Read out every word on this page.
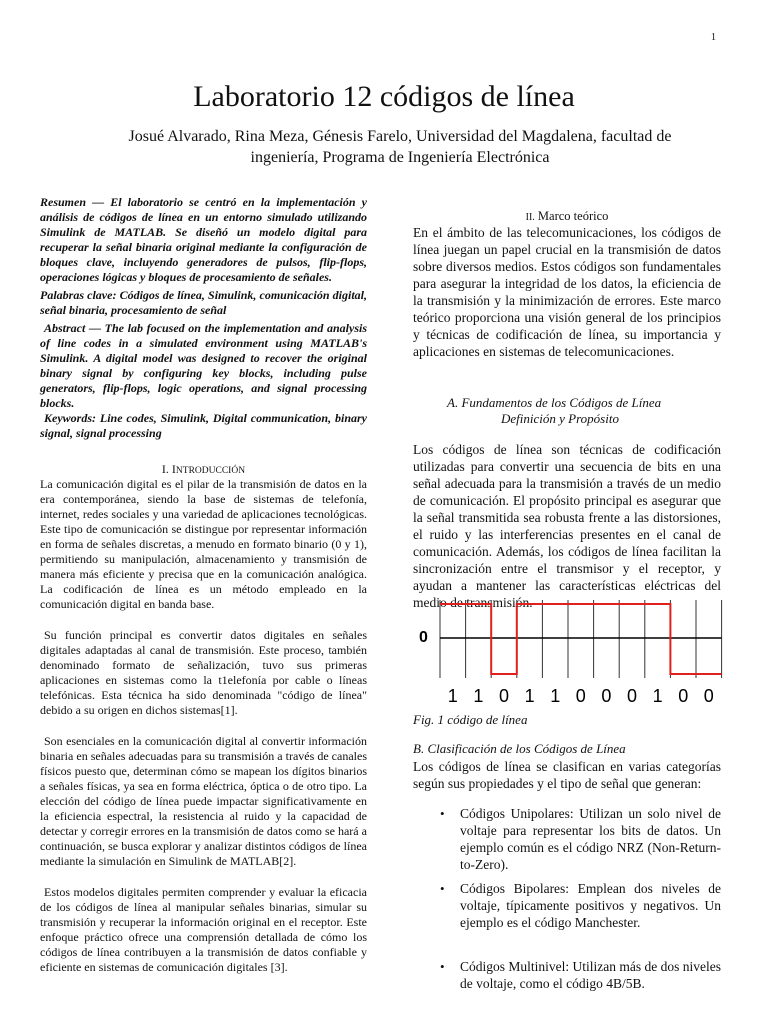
1
Laboratorio 12 códigos de línea
Josué Alvarado, Rina Meza, Génesis Farelo, Universidad del Magdalena, facultad de ingeniería, Programa de Ingeniería Electrónica

Resumen — El laboratorio se centró en la implementación y análisis de códigos de línea en un entorno simulado utilizando Simulink de MATLAB. Se diseñó un modelo digital para recuperar la señal binaria original mediante la configuración de bloques clave, incluyendo generadores de pulsos, flip-flops, operaciones lógicas y bloques de procesamiento de señales.

Palabras clave: Códigos de línea, Simulink, comunicación digital, señal binaria, procesamiento de señal

Abstract — The lab focused on the implementation and analysis of line codes in a simulated environment using MATLAB's Simulink. A digital model was designed to recover the original binary signal by configuring key blocks, including pulse generators, flip-flops, logic operations, and signal processing blocks.

Keywords: Line codes, Simulink, Digital communication, binary signal, signal processing

I. INTRODUCCIÓN

La comunicación digital es el pilar de la transmisión de datos en la era contemporánea, siendo la base de sistemas de telefonía, internet, redes sociales y una variedad de aplicaciones tecnológicas. Este tipo de comunicación se distingue por representar información en forma de señales discretas, a menudo en formato binario (0 y 1), permitiendo su manipulación, almacenamiento y transmisión de manera más eficiente y precisa que en la comunicación analógica. La codificación de línea es un método empleado en la comunicación digital en banda base.

Su función principal es convertir datos digitales en señales digitales adaptadas al canal de transmisión. Este proceso, también denominado formato de señalización, tuvo sus primeras aplicaciones en sistemas como la t1elefonía por cable o líneas telefónicas. Esta técnica ha sido denominada "código de línea" debido a su origen en dichos sistemas[1].

Son esenciales en la comunicación digital al convertir información binaria en señales adecuadas para su transmisión a través de canales físicos puesto que, determinan cómo se mapean los dígitos binarios a señales físicas, ya sea en forma eléctrica, óptica o de otro tipo. La elección del código de línea puede impactar significativamente en la eficiencia espectral, la resistencia al ruido y la capacidad de detectar y corregir errores en la transmisión de datos como se hará a continuación, se busca explorar y analizar distintos códigos de línea mediante la simulación en Simulink de MATLAB[2].

Estos modelos digitales permiten comprender y evaluar la eficacia de los códigos de línea al manipular señales binarias, simular su transmisión y recuperar la información original en el receptor. Este enfoque práctico ofrece una comprensión detallada de cómo los códigos de línea contribuyen a la transmisión de datos confiable y eficiente en sistemas de comunicación digitales [3].

II. Marco teórico
En el ámbito de las telecomunicaciones, los códigos de línea juegan un papel crucial en la transmisión de datos sobre diversos medios. Estos códigos son fundamentales para asegurar la integridad de los datos, la eficiencia de la transmisión y la minimización de errores. Este marco teórico proporciona una visión general de los principios y técnicas de codificación de línea, su importancia y aplicaciones en sistemas de telecomunicaciones.
A. Fundamentos de los Códigos de Línea
Definición y Propósito
Los códigos de línea son técnicas de codificación utilizadas para convertir una secuencia de bits en una señal adecuada para la transmisión a través de un medio de comunicación. El propósito principal es asegurar que la señal transmitida sea robusta frente a las distorsiones, el ruido y las interferencias presentes en el canal de comunicación. Además, los códigos de línea facilitan la sincronización entre el transmisor y el receptor, y ayudan a mantener las características eléctricas del medio de transmisión.
0
1 1 0 1 1 0 0 0 1 0 0
Fig. 1 código de línea
B. Clasificación de los Códigos de Línea
Los códigos de línea se clasifican en varias categorías según sus propiedades y el tipo de señal que generan:
• Códigos Unipolares: Utilizan un solo nivel de voltaje para representar los bits de datos. Un ejemplo común es el código NRZ (Non-Return-to-Zero).
• Códigos Bipolares: Emplean dos niveles de voltaje, típicamente positivos y negativos. Un ejemplo es el código Manchester.
• Códigos Multinivel: Utilizan más de dos niveles de voltaje, como el código 4B/5B.
